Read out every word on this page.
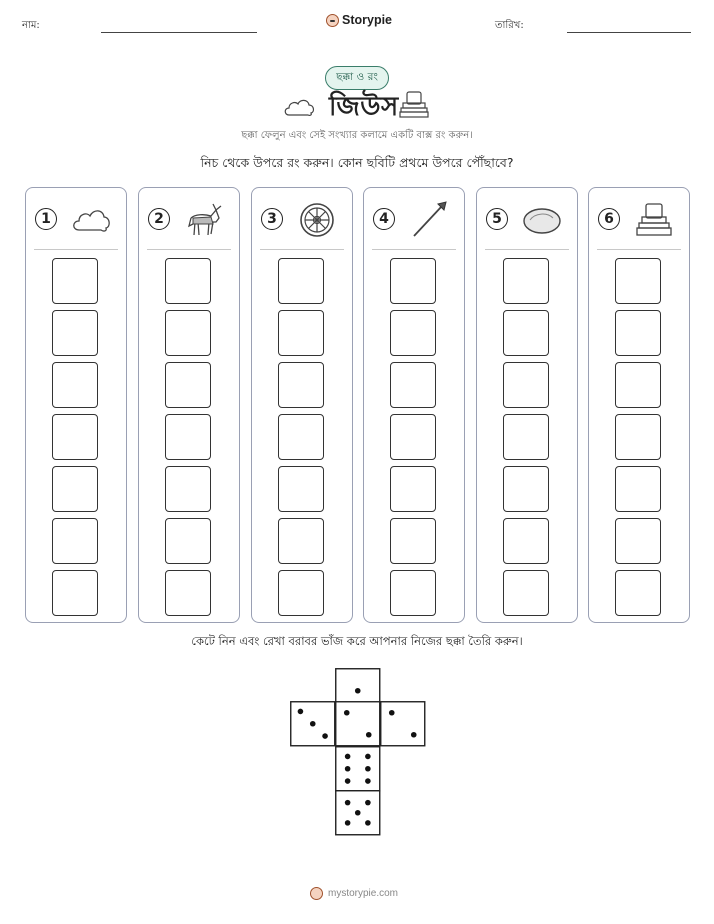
নাম:	Storypie	তারিখ:
ছক্কা ও রং
জিউস
ছক্কা ফেলুন এবং সেই সংখ্যার কলামে একটি বাক্স রং করুন।
নিচ থেকে উপরে রং করুন। কোন ছবিটি প্রথমে উপরে পৌঁছাবে?
1	2	3	4	5	6
কেটে নিন এবং রেখা বরাবর ভাঁজ করে আপনার নিজের ছক্কা তৈরি করুন।
mystorypie.com
